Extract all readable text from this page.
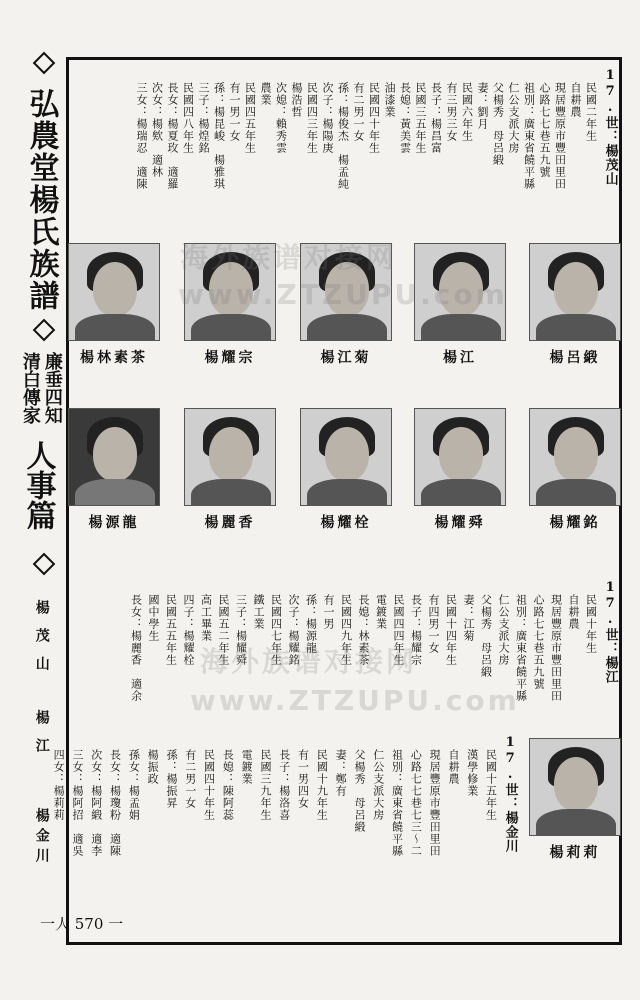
弘農堂楊氏族譜
廉垂四知
清白傳家
人事篇
楊茂山
楊江
楊金川
一人 570 一
17.世：楊茂山
民國二年生
自耕農
現居豐原市豐田里田
心路七七巷五九號
祖別：廣東省饒平縣
仁公支派大房
父楊秀　母呂緞
妻：劉月
民國六年生
有三男三女
長子：楊昌富
民國三五年生
長媳：黃美雲
油漆業
民國四十年生
有二男一女
孫：楊俊杰　楊孟純
次子：楊陽庚
民國四三年生
楊浩哲
次媳：賴秀雲
農業
民國四五年生
有一男一女
孫：楊昆峻　楊雅琪
三子：楊煌銘
民國四八年生
長女：楊夏玫　適羅
次女：楊欸　適林
三女：楊瑞忍　適陳
17.世：楊江
民國十年生
自耕農
現居豐原市豐田里田
心路七七巷五九號
祖別：廣東省饒平縣
仁公支派大房
父楊秀　母呂緞
妻：江菊
民國十四年生
有四男一女
長子：楊耀宗
民國四四年生
電鍍業
長媳：林素茶
民國四九年生
有一男
孫：楊源龍
次子：楊耀銘
民國四七年生
鐵工業
三子：楊耀舜
民國五二年生
高工畢業
四子：楊耀栓
民國五五年生
國中學生
長女：楊麗香　適余
17.世：楊金川
民國十五年生
漢學修業
自耕農
現居豐原市豐田里田
心路七七巷七三～二
祖別：廣東省饒平縣
仁公支派大房
父楊秀　母呂緞
妻：鄭有
民國十九年生
有一男四女
長子：楊洛喜
民國三九年生
電鍍業
長媳：陳阿蕊
民國四十年生
有二男一女
孫：楊振昇
楊振政
孫女：楊孟娟
長女：楊瓊粉　適陳
次女：楊阿緞　適李
三女：楊阿招　適吳
四女：楊莉莉
楊呂緞
楊江
楊江菊
楊耀宗
楊林素茶
楊耀銘
楊耀舜
楊耀栓
楊麗香
楊源龍
楊莉莉
海外族谱对接网
www.ZTZUPU.com
海外族谱对接网
www.ZTZUPU.com
